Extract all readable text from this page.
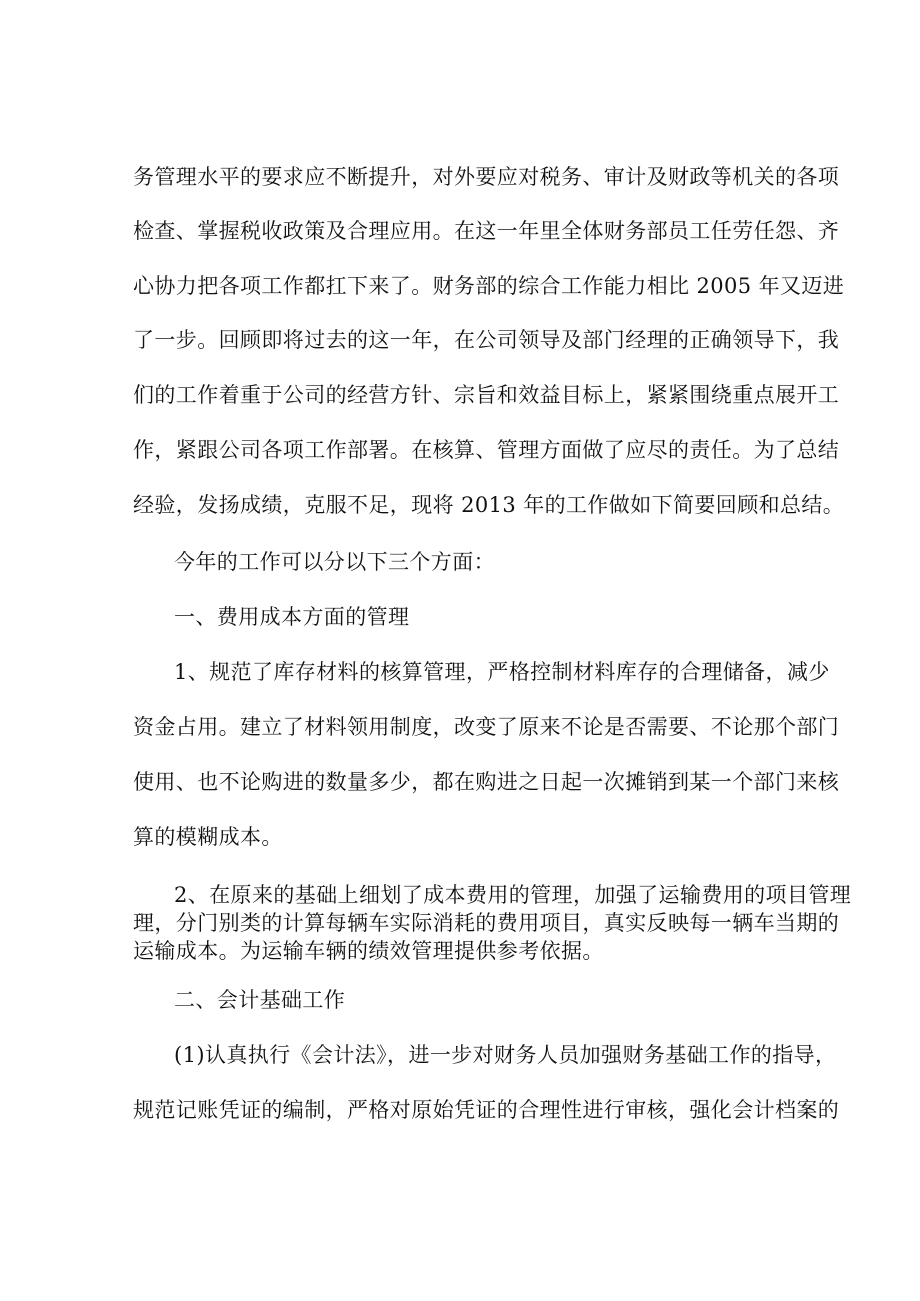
务管理水平的要求应不断提升，对外要应对税务、审计及财政等机关的各项
检查、掌握税收政策及合理应用。在这一年里全体财务部员工任劳任怨、齐
心协力把各项工作都扛下来了。财务部的综合工作能力相比 2005 年又迈进
了一步。回顾即将过去的这一年，在公司领导及部门经理的正确领导下，我
们的工作着重于公司的经营方针、宗旨和效益目标上，紧紧围绕重点展开工
作，紧跟公司各项工作部署。在核算、管理方面做了应尽的责任。为了总结
经验，发扬成绩，克服不足，现将 2013 年的工作做如下简要回顾和总结。
今年的工作可以分以下三个方面：
一、费用成本方面的管理
1、规范了库存材料的核算管理，严格控制材料库存的合理储备，减少
资金占用。建立了材料领用制度，改变了原来不论是否需要、不论那个部门
使用、也不论购进的数量多少，都在购进之日起一次摊销到某一个部门来核
算的模糊成本。
2、在原来的基础上细划了成本费用的管理，加强了运输费用的项目管理
理，分门别类的计算每辆车实际消耗的费用项目，真实反映每一辆车当期的
运输成本。为运输车辆的绩效管理提供参考依据。
二、会计基础工作
(1)认真执行《会计法》，进一步对财务人员加强财务基础工作的指导，
规范记账凭证的编制，严格对原始凭证的合理性进行审核，强化会计档案的
